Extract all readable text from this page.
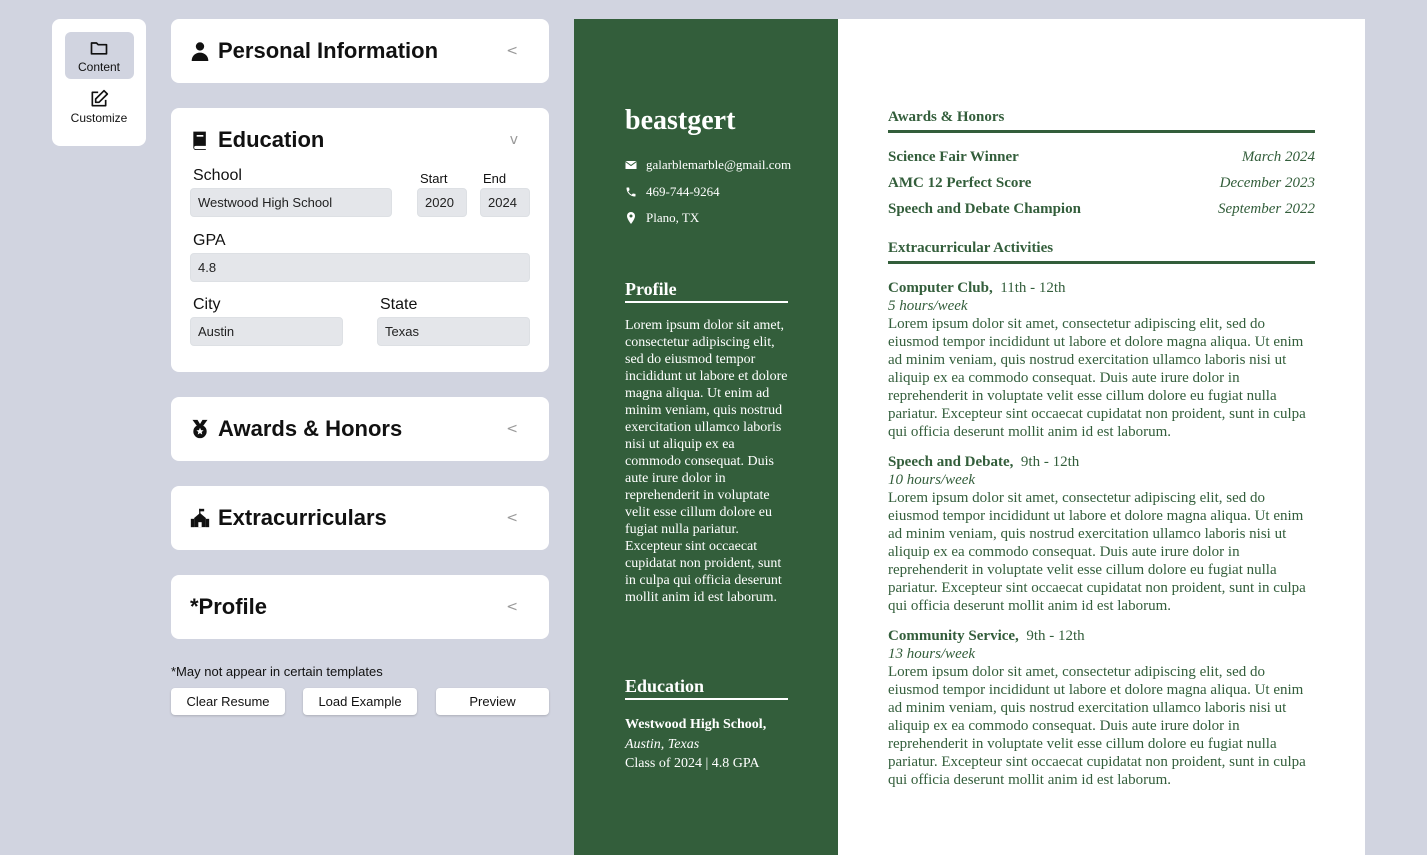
Content
Customize
Personal Information	<
Education	v
School
Westwood High School
Start
2020
End
2024
GPA
4.8
City
Austin
State
Texas
Awards & Honors	<
Extracurriculars	<
*Profile	<
*May not appear in certain templates
Clear Resume	Load Example	Preview
beastgert
galarblemarble@gmail.com
469-744-9264
Plano, TX
Profile
Lorem ipsum dolor sit amet, consectetur adipiscing elit, sed do eiusmod tempor incididunt ut labore et dolore magna aliqua. Ut enim ad minim veniam, quis nostrud exercitation ullamco laboris nisi ut aliquip ex ea commodo consequat. Duis aute irure dolor in reprehenderit in voluptate velit esse cillum dolore eu fugiat nulla pariatur. Excepteur sint occaecat cupidatat non proident, sunt in culpa qui officia deserunt mollit anim id est laborum.
Education
Westwood High School,
Austin, Texas
Class of 2024 | 4.8 GPA
Awards & Honors
Science Fair Winner	March 2024
AMC 12 Perfect Score	December 2023
Speech and Debate Champion	September 2022
Extracurricular Activities
Computer Club, 11th - 12th
5 hours/week
Lorem ipsum dolor sit amet, consectetur adipiscing elit, sed do eiusmod tempor incididunt ut labore et dolore magna aliqua. Ut enim ad minim veniam, quis nostrud exercitation ullamco laboris nisi ut aliquip ex ea commodo consequat. Duis aute irure dolor in reprehenderit in voluptate velit esse cillum dolore eu fugiat nulla pariatur. Excepteur sint occaecat cupidatat non proident, sunt in culpa qui officia deserunt mollit anim id est laborum.
Speech and Debate, 9th - 12th
10 hours/week
Lorem ipsum dolor sit amet, consectetur adipiscing elit, sed do eiusmod tempor incididunt ut labore et dolore magna aliqua. Ut enim ad minim veniam, quis nostrud exercitation ullamco laboris nisi ut aliquip ex ea commodo consequat. Duis aute irure dolor in reprehenderit in voluptate velit esse cillum dolore eu fugiat nulla pariatur. Excepteur sint occaecat cupidatat non proident, sunt in culpa qui officia deserunt mollit anim id est laborum.
Community Service, 9th - 12th
13 hours/week
Lorem ipsum dolor sit amet, consectetur adipiscing elit, sed do eiusmod tempor incididunt ut labore et dolore magna aliqua. Ut enim ad minim veniam, quis nostrud exercitation ullamco laboris nisi ut aliquip ex ea commodo consequat. Duis aute irure dolor in reprehenderit in voluptate velit esse cillum dolore eu fugiat nulla pariatur. Excepteur sint occaecat cupidatat non proident, sunt in culpa qui officia deserunt mollit anim id est laborum.
